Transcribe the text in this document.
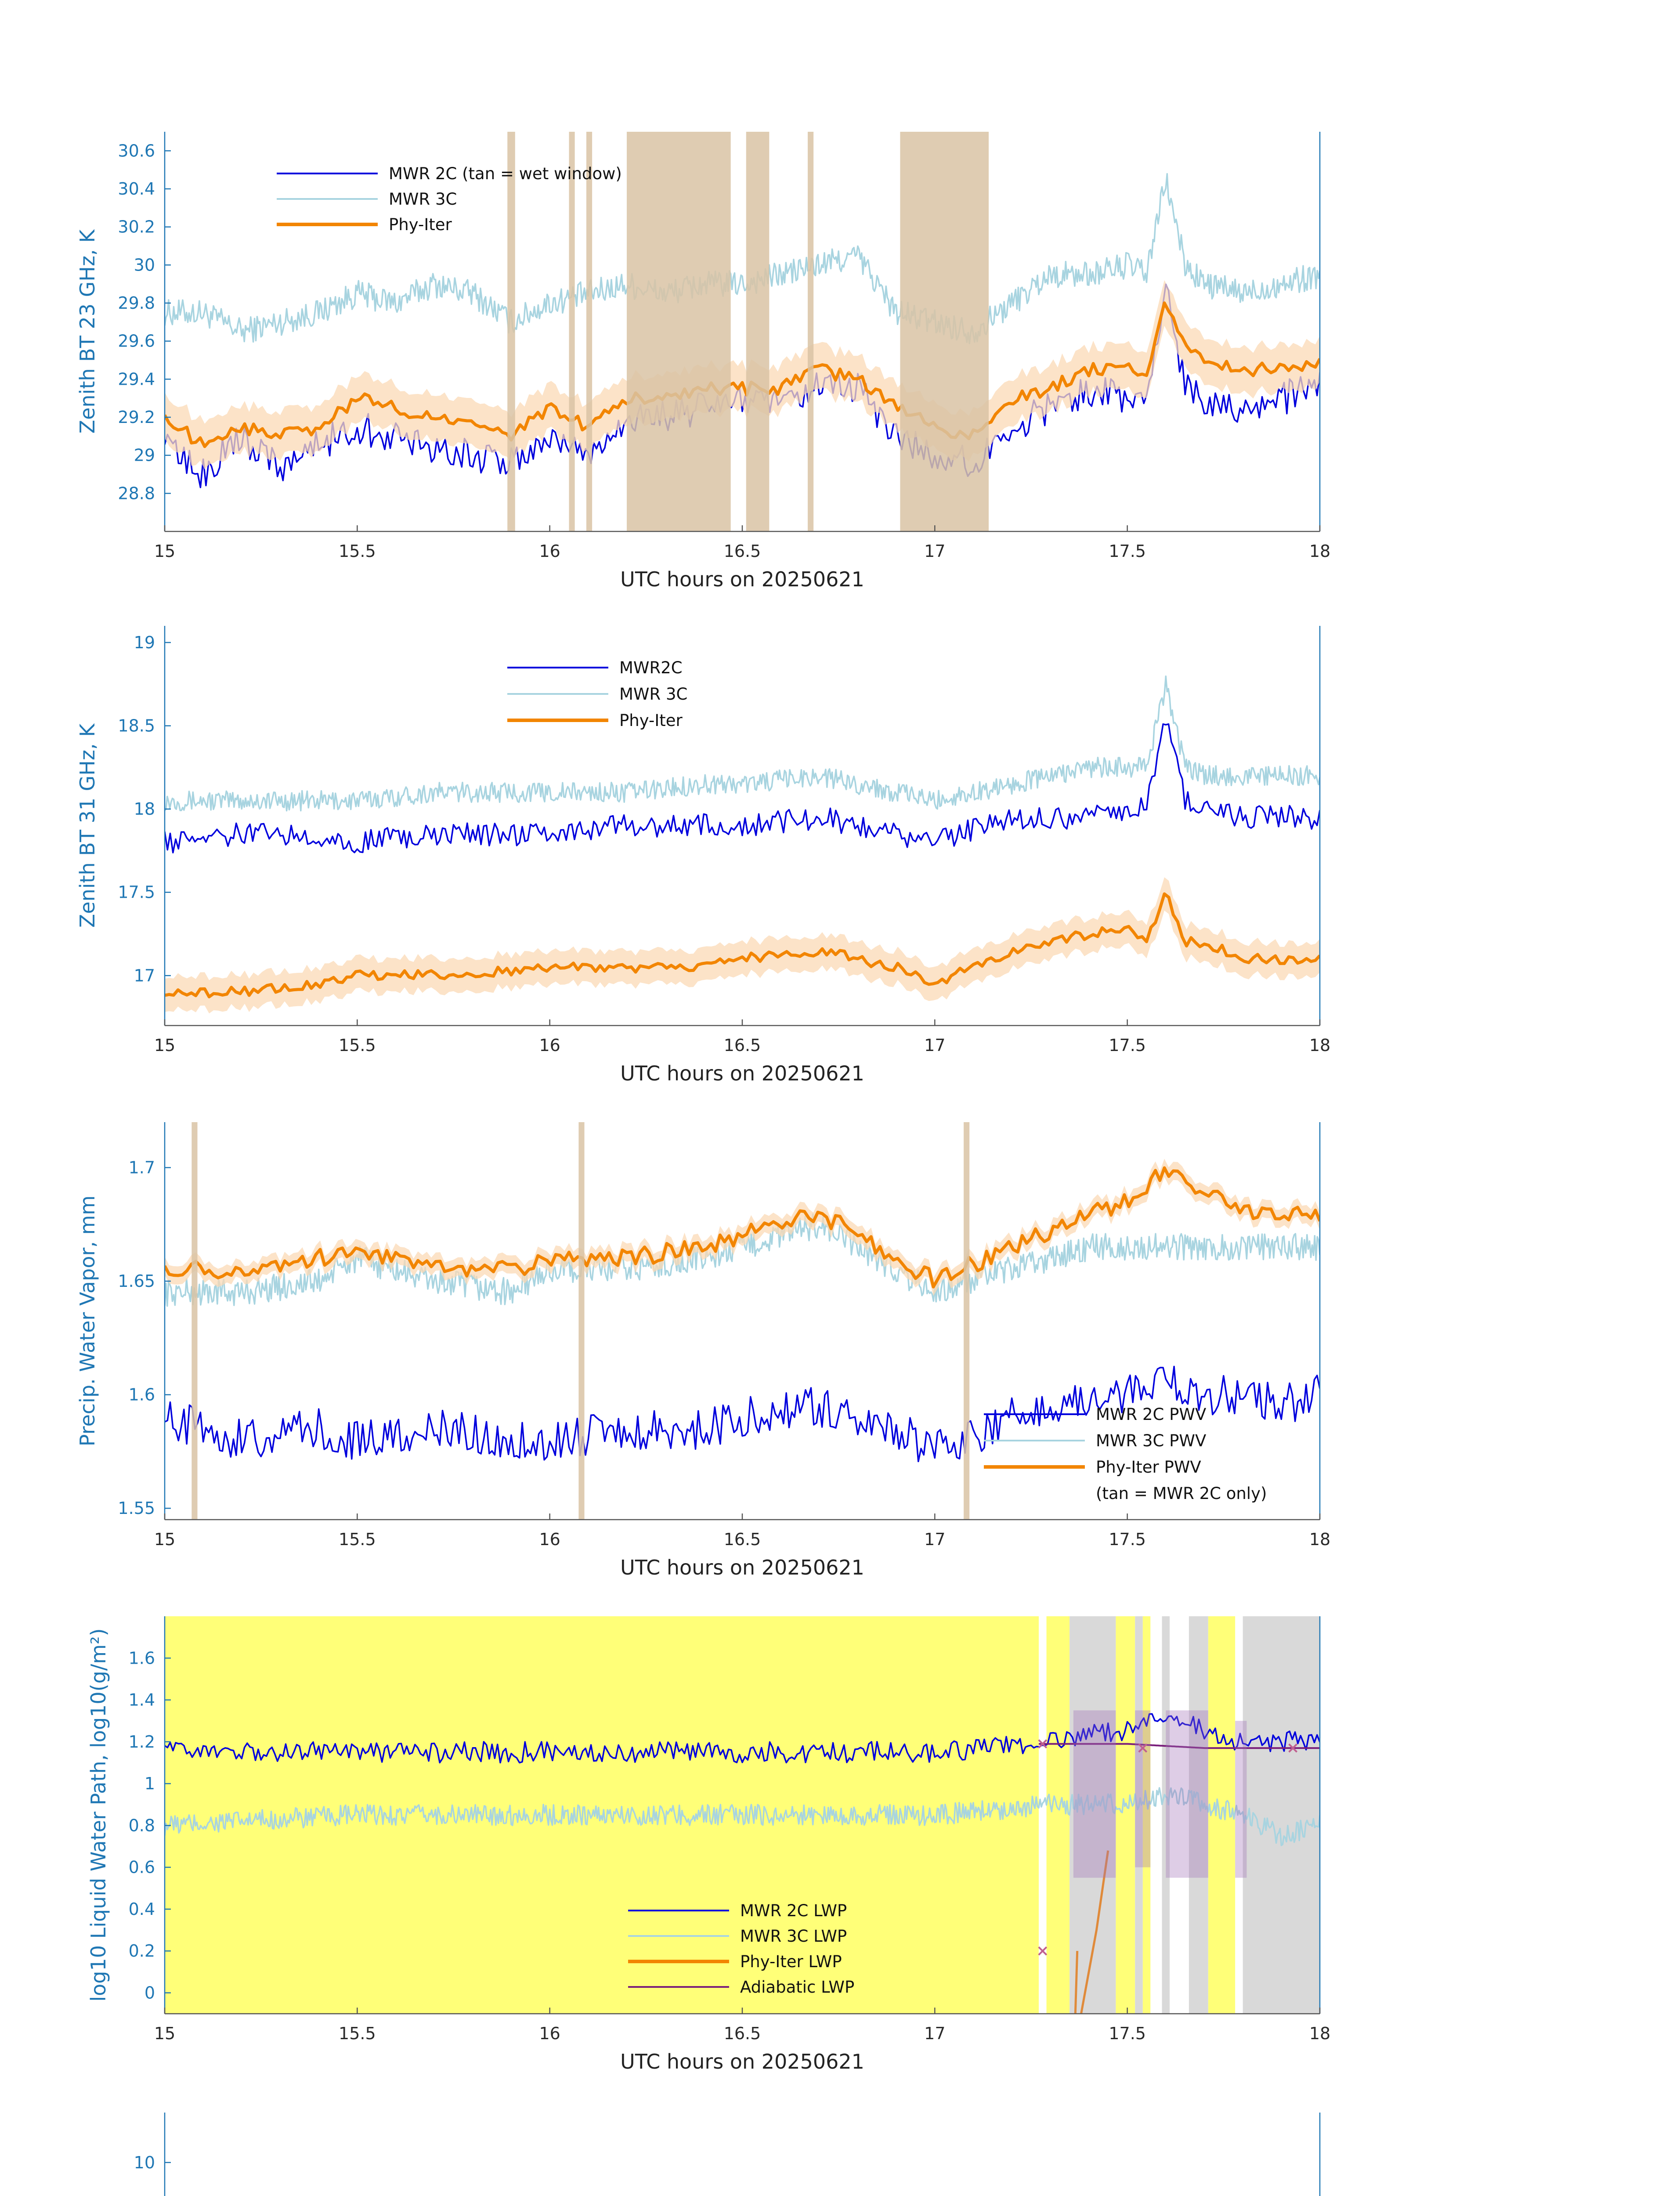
15	15.5	16	16.5	17	17.5	18
28.8
29
29.2
29.4
29.6
29.8
30
30.2
30.4
30.6
UTC hours on 20250621
Zenith BT 23 GHz, K
MWR 2C (tan = wet window)
MWR 3C
Phy-Iter
15	15.5	16	16.5	17	17.5	18
17
17.5
18
18.5
19
UTC hours on 20250621
Zenith BT 31 GHz, K
MWR2C
MWR 3C
Phy-Iter
15	15.5	16	16.5	17	17.5	18
1.55
1.6
1.65
1.7
UTC hours on 20250621
Precip. Water Vapor, mm	MWR 2C PWV
MWR 3C PWV
Phy-Iter PWV
(tan = MWR 2C only)
15	15.5	16	16.5	17	17.5	18
0
0.2
0.4
0.6
0.8
1
1.2
1.4
1.6
UTC hours on 20250621
log10 Liquid Water Path, log10(g/m²)	MWR 2C LWP
MWR 3C LWP
Phy-Iter LWP
Adiabatic LWP
10
